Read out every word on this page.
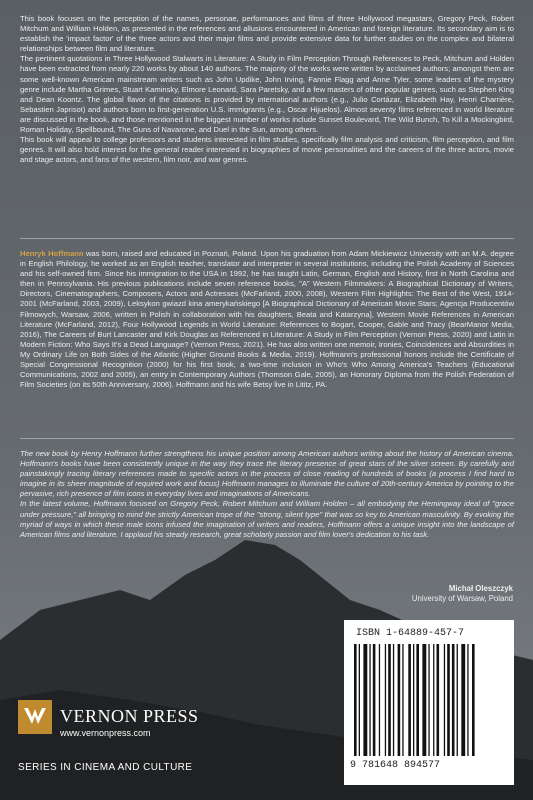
This book focuses on the perception of the names, personae, performances and films of three Hollywood megastars, Gregory Peck, Robert Mitchum and William Holden, as presented in the references and allusions encountered in American and foreign literature. Its secondary aim is to establish the 'impact factor' of the three actors and their major films and provide extensive data for further studies on the complex and bilateral relationships between film and literature.

The pertinent quotations in Three Hollywood Stalwarts in Literature: A Study in Film Perception Through References to Peck, Mitchum and Holden have been extracted from nearly 220 works by about 140 authors. The majority of the works were written by acclaimed authors; amongst them are some well-known American mainstream writers such as John Updike, John Irving, Fannie Flagg and Anne Tyler, some leaders of the mystery genre include Martha Grimes, Stuart Kaminsky, Elmore Leonard, Sara Paretsky, and a few masters of other popular genres, such as Stephen King and Dean Koontz. The global flavor of the citations is provided by international authors (e.g., Julio Cortázar, Elizabeth Hay, Henri Charrière, Sebastien Japrisot) and authors born to first-generation U.S. immigrants (e.g., Oscar Hijuelos). Almost seventy films referenced in world literature are discussed in the book, and those mentioned in the biggest number of works include Sunset Boulevard, The Wild Bunch, To Kill a Mockingbird, Roman Holiday, Spellbound, The Guns of Navarone, and Duel in the Sun, among others.

This book will appeal to college professors and students interested in film studies, specifically film analysis and criticism, film perception, and film genres. It will also hold interest for the general reader interested in biographies of movie personalities and the careers of the three actors, movie and stage actors, and fans of the western, film noir, and war genres.

Henryk Hoffmann was born, raised and educated in Poznań, Poland. Upon his graduation from Adam Mickiewicz University with an M.A. degree in English Philology, he worked as an English teacher, translator and interpreter in several institutions, including the Polish Academy of Sciences and his self-owned firm. Since his immigration to the USA in 1992, he has taught Latin, German, English and History, first in North Carolina and then in Pennsylvania. His previous publications include seven reference books, "A" Western Filmmakers: A Biographical Dictionary of Writers, Directors, Cinematographers, Composers, Actors and Actresses (McFarland, 2000, 2008), Western Film Highlights: The Best of the West, 1914-2001 (McFarland, 2003, 2009), Leksykon gwiazd kina amerykańskiego [A Biographical Dictionary of American Movie Stars; Agencja Producentów Filmowych, Warsaw, 2006, written in Polish in collaboration with his daughters, Beata and Katarzyna], Western Movie References in American Literature (McFarland, 2012), Four Hollywood Legends in World Literature: References to Bogart, Cooper, Gable and Tracy (BearManor Media, 2016), The Careers of Burt Lancaster and Kirk Douglas as Referenced in Literature: A Study in Film Perception (Vernon Press, 2020) and Latin in Modern Fiction: Who Says It's a Dead Language? (Vernon Press, 2021). He has also written one memoir, Ironies, Coincidences and Absurdities in My Ordinary Life on Both Sides of the Atlantic (Higher Ground Books & Media, 2019). Hoffmann's professional honors include the Certificate of Special Congressional Recognition (2000) for his first book, a two-time inclusion in Who's Who Among America's Teachers (Educational Communications, 2002 and 2005), an entry in Contemporary Authors (Thomson Gale, 2005), an Honorary Diploma from the Polish Federation of Film Societies (on its 50th Anniversary, 2006). Hoffmann and his wife Betsy live in Lititz, PA.

The new book by Henry Hoffmann further strengthens his unique position among American authors writing about the history of American cinema. Hoffmann's books have been consistently unique in the way they trace the literary presence of great stars of the silver screen. By carefully and painstakingly tracing literary references made to specific actors in the process of close reading of hundreds of books (a process I find hard to imagine in its sheer magnitude of required work and focus) Hoffmann manages to illuminate the culture of 20th-century America by pointing to the pervasive, rich presence of film icons in everyday lives and imaginations of Americans.

In the latest volume, Hoffmann focused on Gregory Peck, Robert Mitchum and William Holden – all embodying the Hemingway ideal of "grace under pressure," all bringing to mind the strictly American trope of the "strong, silent type" that was so key to American masculinity. By evoking the myriad of ways in which these male icons infused the imagination of writers and readers, Hoffmann offers a unique insight into the landscape of American films and literature. I applaud his steady research, great scholarly passion and film lover's dedication to his task.

Michał Oleszczyk
University of Warsaw, Poland
VERNON PRESS
www.vernonpress.com
SERIES IN CINEMA AND CULTURE
ISBN 1-64889-457-7
9 781648 894577
